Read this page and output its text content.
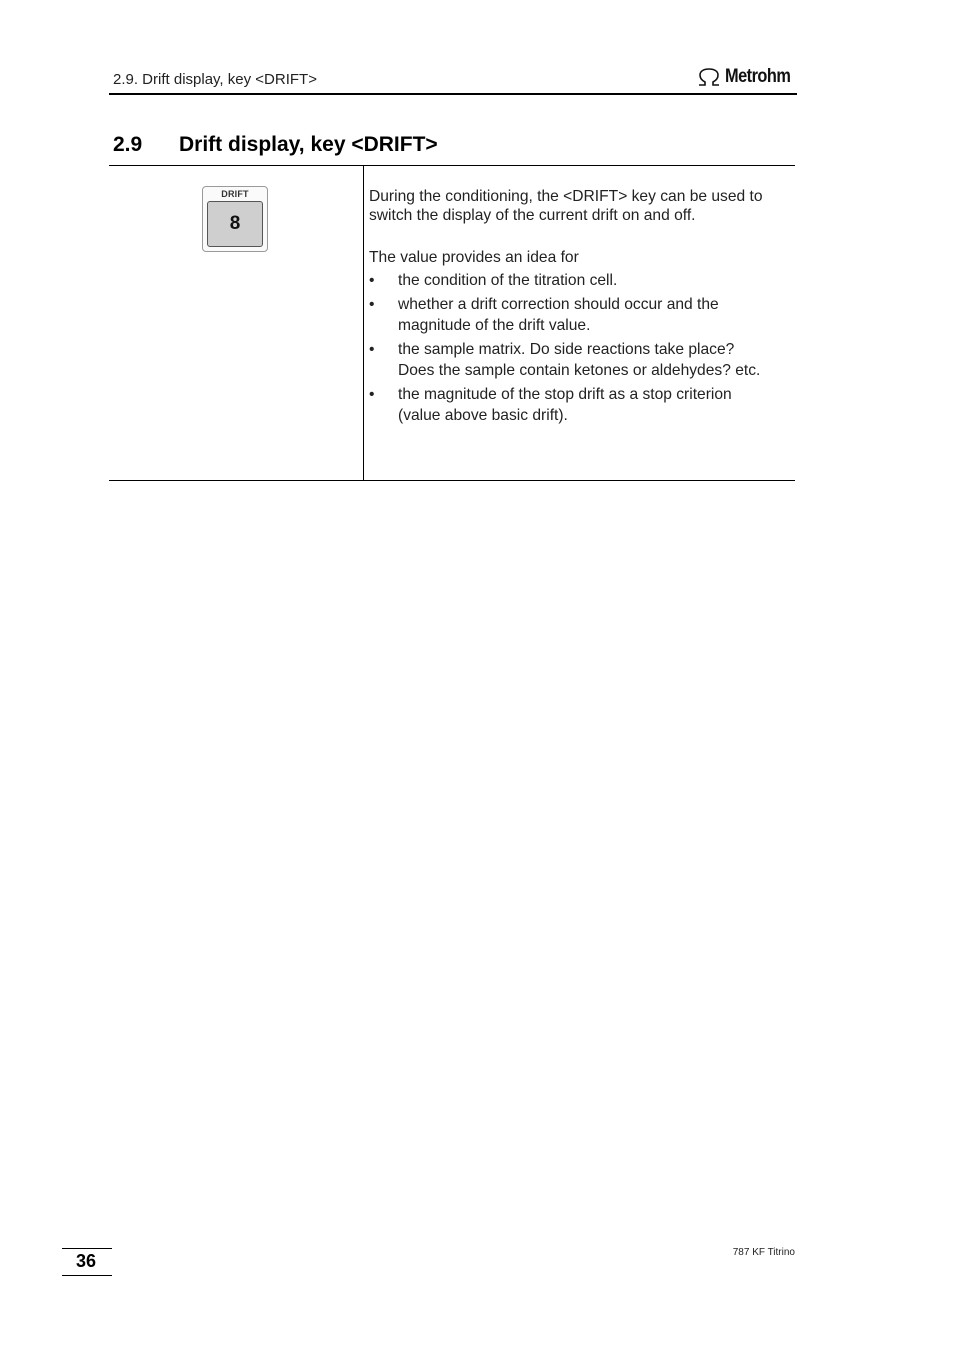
2.9. Drift display, key <DRIFT>	Metrohm
2.9 Drift display, key <DRIFT>
DRIFT
8

During the conditioning, the <DRIFT> key can be used to switch the display of the current drift on and off.

The value provides an idea for

• the condition of the titration cell.
• whether a drift correction should occur and the magnitude of the drift value.
• the sample matrix. Do side reactions take place? Does the sample contain ketones or aldehydes? etc.
• the magnitude of the stop drift as a stop criterion (value above basic drift).
36	787 KF Titrino
